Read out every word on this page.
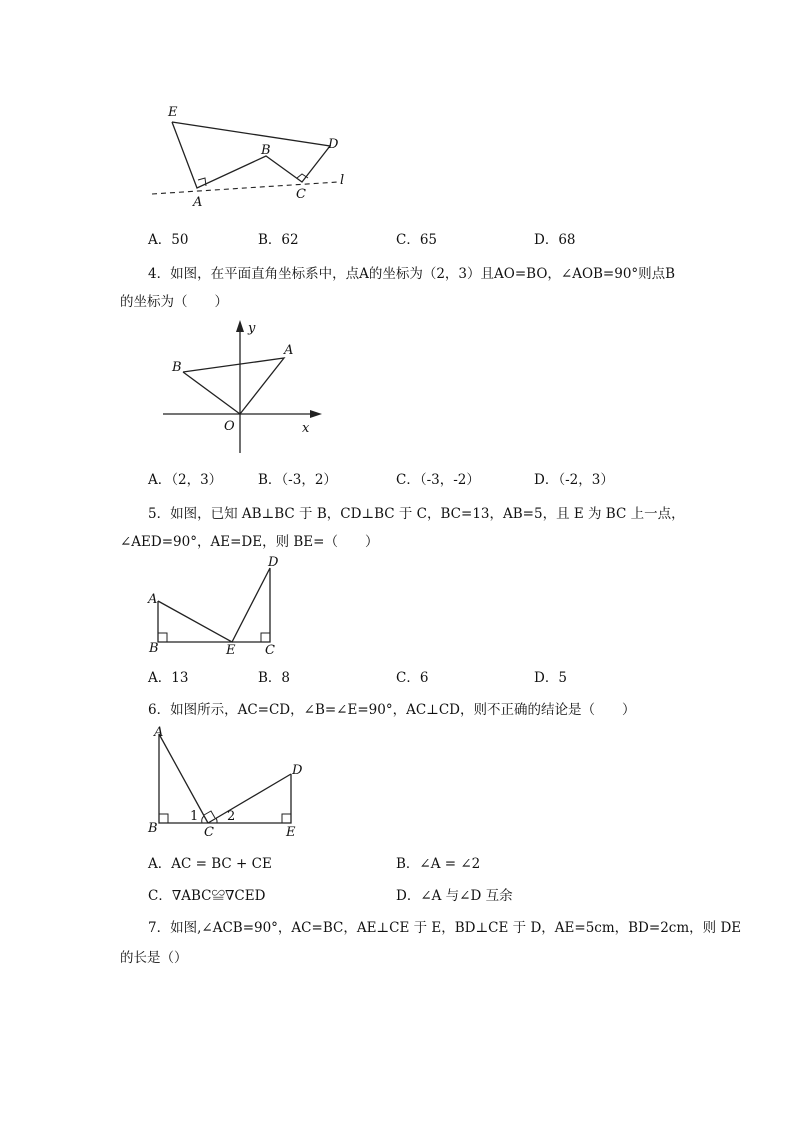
E
B	D
A
C
l
A．50	B．62	C．65	D．68
4．如图，在平面直角坐标系中，点A的坐标为（2，3）且AO=BO，∠AOB=90°则点B
的坐标为（　　）
y
x
O
A
B
A．（2，3）	B．（-3，2）	C．（-3，-2）	D．（-2，3）
5．如图，已知 AB⊥BC 于 B，CD⊥BC 于 C，BC=13，AB=5，且 E 为 BC 上一点，
∠AED=90°，AE=DE，则 BE=（　　）
A
B	E C
D
A．13	B．8	C．6	D．5
6．如图所示，AC=CD，∠B=∠E=90°，AC⊥CD，则不正确的结论是（　　）
A
B	C
D
E
1 2
A．AC = BC + CE	B．∠A = ∠2
C．∇ABC≌∇CED	D．∠A 与∠D 互余
7．如图,∠ACB=90°，AC=BC，AE⊥CE 于 E，BD⊥CE 于 D，AE=5cm，BD=2cm，则 DE
的长是（）
